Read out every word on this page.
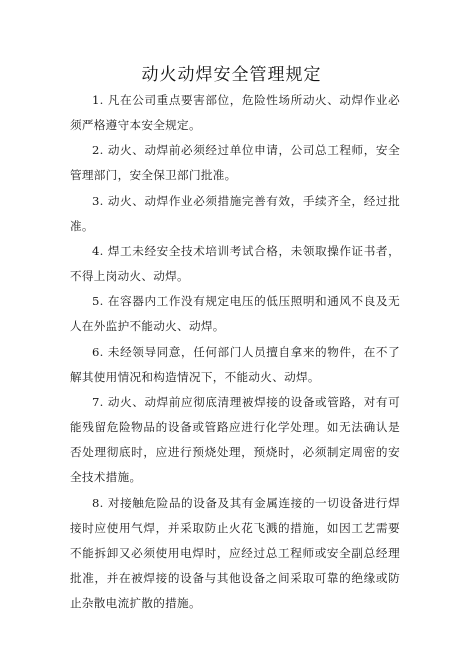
动火动焊安全管理规定

1. 凡在公司重点要害部位，危险性场所动火、动焊作业必须严格遵守本安全规定。

2. 动火、动焊前必须经过单位申请，公司总工程师，安全管理部门，安全保卫部门批准。

3. 动火、动焊作业必须措施完善有效，手续齐全，经过批准。

4. 焊工未经安全技术培训考试合格，未领取操作证书者，不得上岗动火、动焊。

5. 在容器内工作没有规定电压的低压照明和通风不良及无人在外监护不能动火、动焊。

6. 未经领导同意，任何部门人员擅自拿来的物件，在不了解其使用情况和构造情况下，不能动火、动焊。

7. 动火、动焊前应彻底清理被焊接的设备或管路，对有可能残留危险物品的设备或管路应进行化学处理。如无法确认是否处理彻底时，应进行预烧处理，预烧时，必须制定周密的安全技术措施。

8. 对接触危险品的设备及其有金属连接的一切设备进行焊接时应使用气焊，并采取防止火花飞溅的措施，如因工艺需要不能拆卸又必须使用电焊时，应经过总工程师或安全副总经理批准，并在被焊接的设备与其他设备之间采取可靠的绝缘或防止杂散电流扩散的措施。
